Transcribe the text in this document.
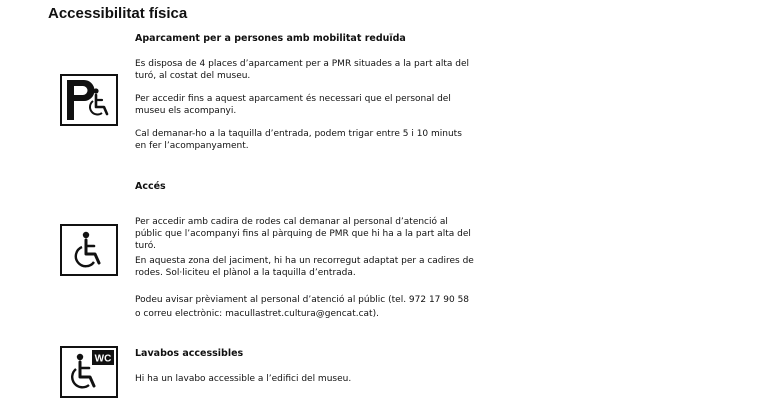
Accessibilitat física
Aparcament per a persones amb mobilitat reduïda
Es disposa de 4 places d’aparcament per a PMR situades a la part alta del turó, al costat del museu.
Per accedir fins a aquest aparcament és necessari que el personal del museu els acompanyi.
Cal demanar-ho a la taquilla d’entrada, podem trigar entre 5 i 10 minuts en fer l’acompanyament.
Accés
Per accedir amb cadira de rodes cal demanar al personal d’atenció al públic que l’acompanyi fins al pàrquing de PMR que hi ha a la part alta del turó.
En aquesta zona del jaciment, hi ha un recorregut adaptat per a cadires de rodes. Sol·liciteu el plànol a la taquilla d’entrada.
Podeu avisar prèviament al personal d’atenció al públic (tel. 972 17 90 58 o correu electrònic: macullastret.cultura@gencat.cat).
WC Lavabos accessibles
Hi ha un lavabo accessible a l’edifici del museu.
